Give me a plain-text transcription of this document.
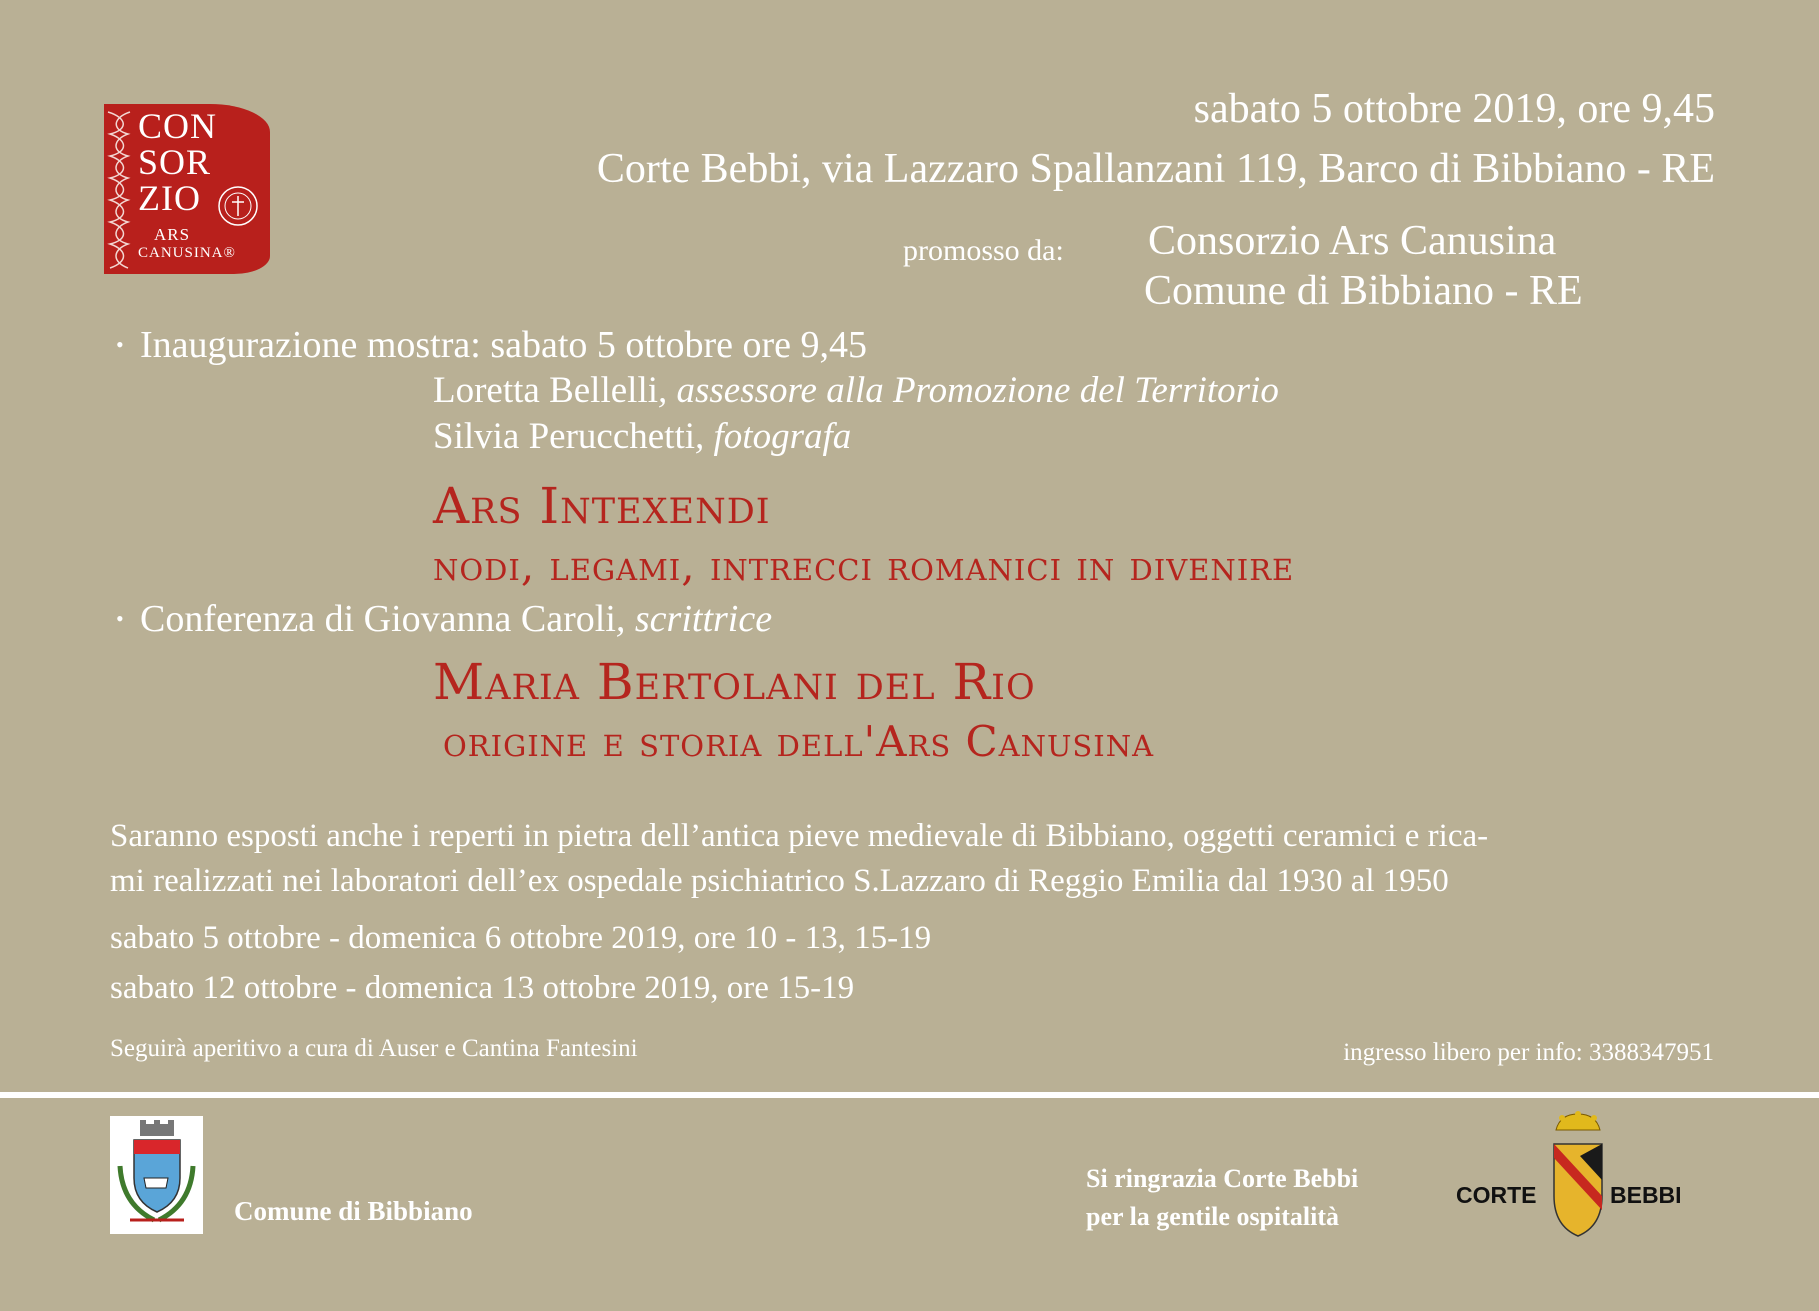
CON
SOR
ZIO
ARS
CANUSINA®
sabato 5 ottobre 2019, ore 9,45
Corte Bebbi, via Lazzaro Spallanzani 119, Barco di Bibbiano - RE
promosso da: Consorzio Ars Canusina
Comune di Bibbiano - RE
• Inaugurazione mostra: sabato 5 ottobre ore 9,45
Loretta Bellelli, assessore alla Promozione del Territorio
Silvia Perucchetti, fotografa
Ars Intexendi
nodi, legami, intrecci romanici in divenire
• Conferenza di Giovanna Caroli, scrittrice
Maria Bertolani del Rio
origine e storia dell'Ars Canusina
Saranno esposti anche i reperti in pietra dell’antica pieve medievale di Bibbiano, oggetti ceramici e rica-
mi realizzati nei laboratori dell’ex ospedale psichiatrico S.Lazzaro di Reggio Emilia dal 1930 al 1950
sabato 5 ottobre - domenica 6 ottobre 2019, ore 10 - 13, 15-19
sabato 12 ottobre - domenica 13 ottobre 2019, ore 15-19
Seguirà aperitivo a cura di Auser e Cantina Fantesini	ingresso libero per info: 3388347951
Comune di Bibbiano
Si ringrazia Corte Bebbi
per la gentile ospitalità
CORTE	BEBBI
